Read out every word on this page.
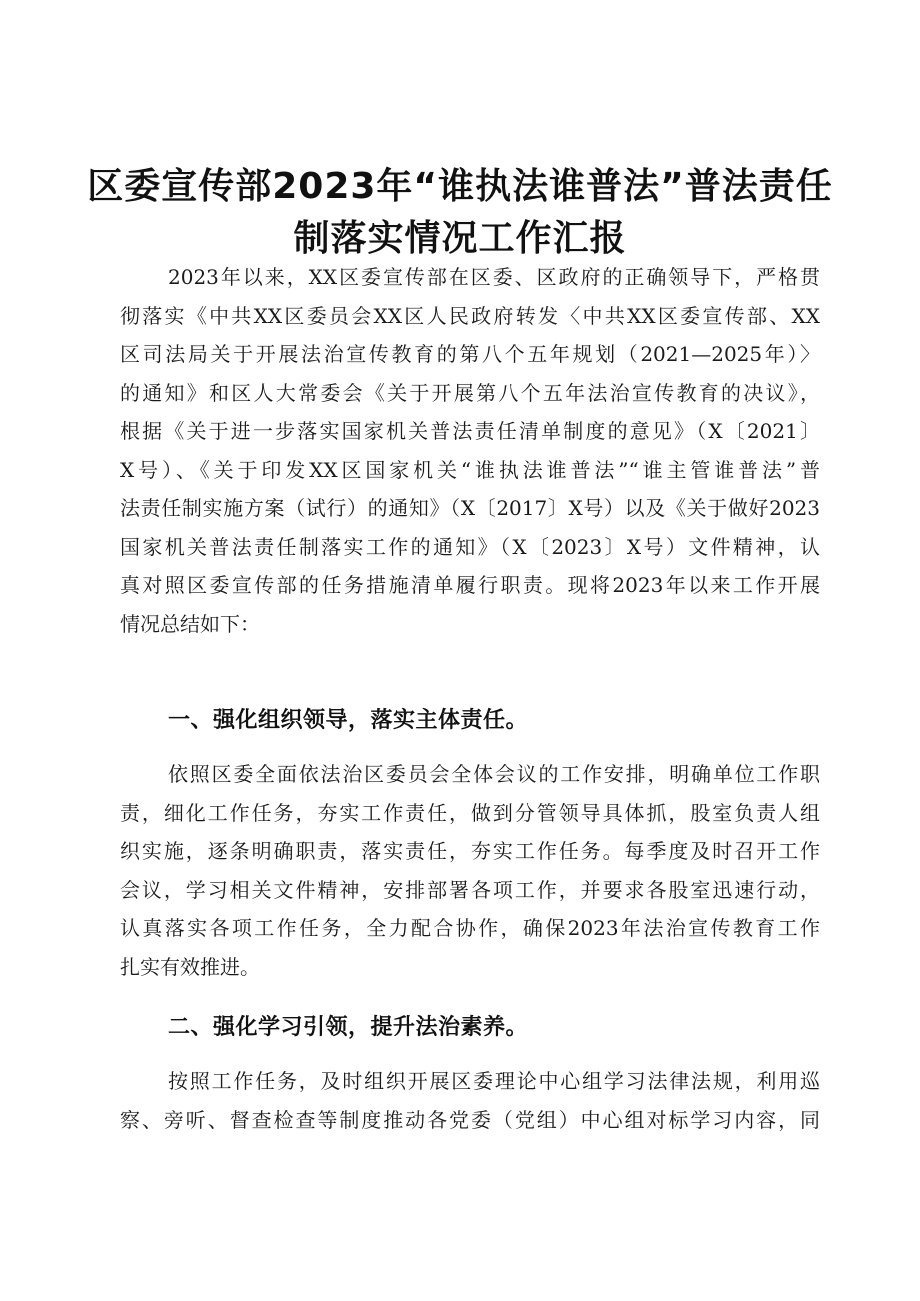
区委宣传部2023年“谁执法谁普法”普法责任
制落实情况工作汇报
2023年以来，XX区委宣传部在区委、区政府的正确领导下，严格贯
彻落实《中共XX区委员会XX区人民政府转发〈中共XX区委宣传部、XX
区司法局关于开展法治宣传教育的第八个五年规划（2021—2025年）〉
的通知》和区人大常委会《关于开展第八个五年法治宣传教育的决议》，
根据《关于进一步落实国家机关普法责任清单制度的意见》（X〔2021〕
X号）、《关于印发XX区国家机关“谁执法谁普法”“谁主管谁普法”普
法责任制实施方案（试行）的通知》（X〔2017〕X号）以及《关于做好2023
国家机关普法责任制落实工作的通知》（X〔2023〕X号）文件精神，认
真对照区委宣传部的任务措施清单履行职责。现将2023年以来工作开展
情况总结如下：
一、强化组织领导，落实主体责任。
依照区委全面依法治区委员会全体会议的工作安排，明确单位工作职
责，细化工作任务，夯实工作责任，做到分管领导具体抓，股室负责人组
织实施，逐条明确职责，落实责任，夯实工作任务。每季度及时召开工作
会议，学习相关文件精神，安排部署各项工作，并要求各股室迅速行动，
认真落实各项工作任务，全力配合协作，确保2023年法治宣传教育工作
扎实有效推进。
二、强化学习引领，提升法治素养。
按照工作任务，及时组织开展区委理论中心组学习法律法规，利用巡
察、旁听、督查检查等制度推动各党委（党组）中心组对标学习内容，同
